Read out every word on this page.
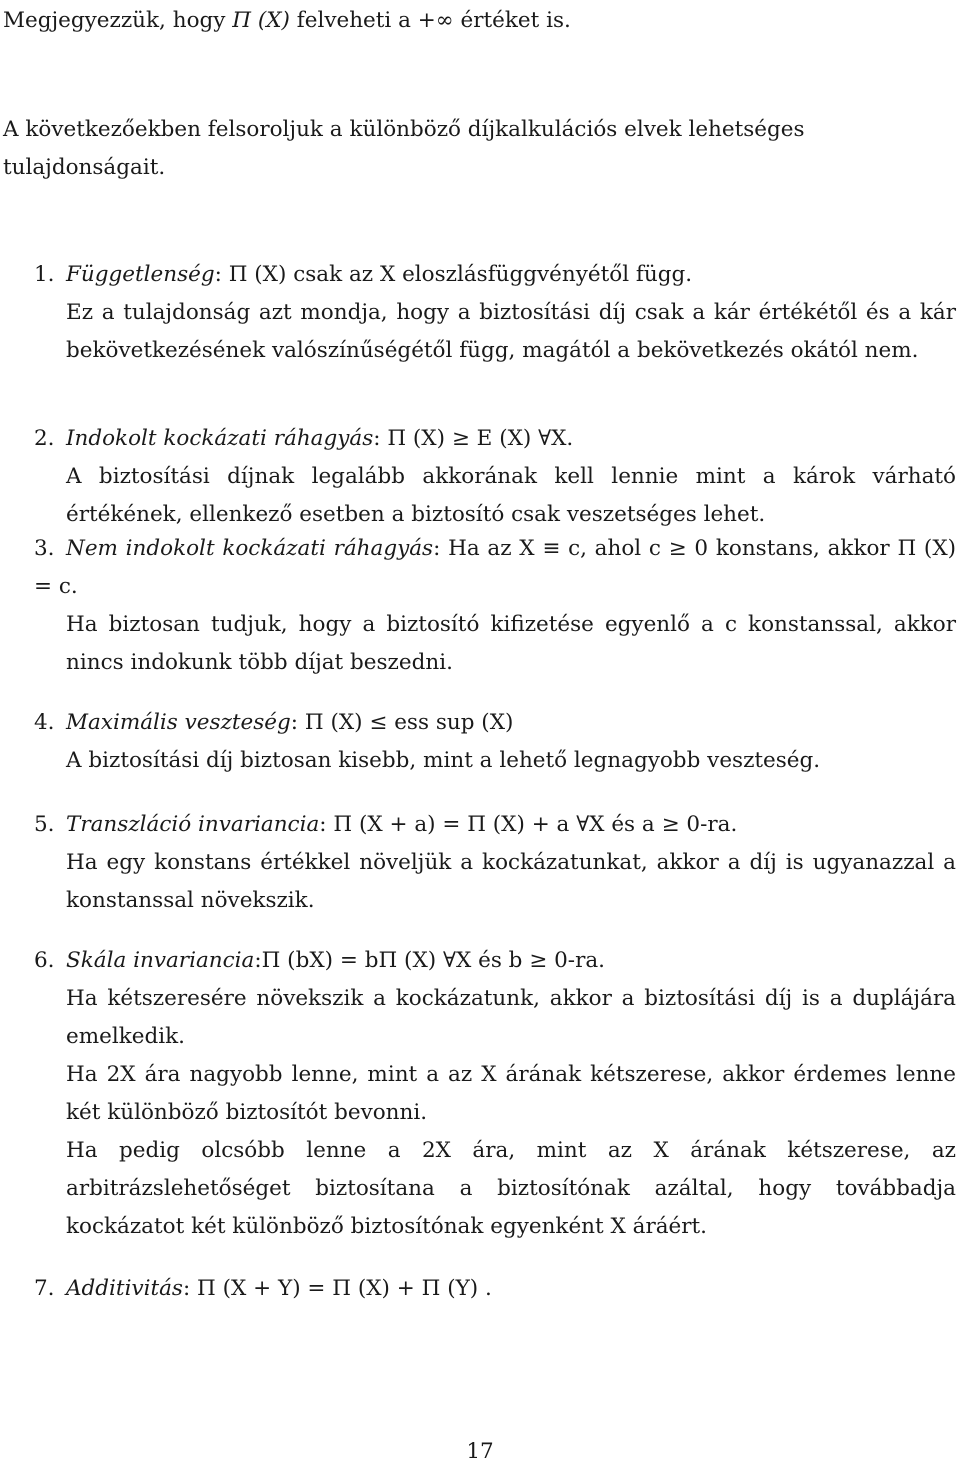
Megjegyezzük, hogy Π (X) felveheti a +∞ értéket is.
A következőekben felsoroljuk a különböző díjkalkulációs elvek lehetséges tulajdonságait.
1. Függetlenség: Π (X) csak az X eloszlásfüggvényétől függ.
Ez a tulajdonság azt mondja, hogy a biztosítási díj csak a kár értékétől és a kár bekövetkezésének valószínűségétől függ, magától a bekövetkezés okától nem.
2. Indokolt kockázati ráhagyás: Π (X) ≥ E (X) ∀X.
A biztosítási díjnak legalább akkorának kell lennie mint a károk várható értékének, ellenkező esetben a biztosító csak veszetséges lehet.
3. Nem indokolt kockázati ráhagyás: Ha az X ≡ c, ahol c ≥ 0 konstans, akkor Π (X) = c.
Ha biztosan tudjuk, hogy a biztosító kifizetése egyenlő a c konstanssal, akkor nincs indokunk több díjat beszedni.
4. Maximális veszteség: Π (X) ≤ ess sup (X)
A biztosítási díj biztosan kisebb, mint a lehető legnagyobb veszteség.
5. Transzláció invariancia: Π (X + a) = Π (X) + a ∀X és a ≥ 0-ra.
Ha egy konstans értékkel növeljük a kockázatunkat, akkor a díj is ugyanazzal a konstanssal növekszik.
6. Skála invariancia:Π (bX) = bΠ (X) ∀X és b ≥ 0-ra.
Ha kétszeresére növekszik a kockázatunk, akkor a biztosítási díj is a duplájára emelkedik.
Ha 2X ára nagyobb lenne, mint a az X árának kétszerese, akkor érdemes lenne két különböző biztosítót bevonni.
Ha pedig olcsóbb lenne a 2X ára, mint az X árának kétszerese, az arbitrázslehetőséget biztosítana a biztosítónak azáltal, hogy továbbadja kockázatot két különböző biztosítónak egyenként X áráért.
7. Additivitás: Π (X + Y) = Π (X) + Π (Y) .
17
